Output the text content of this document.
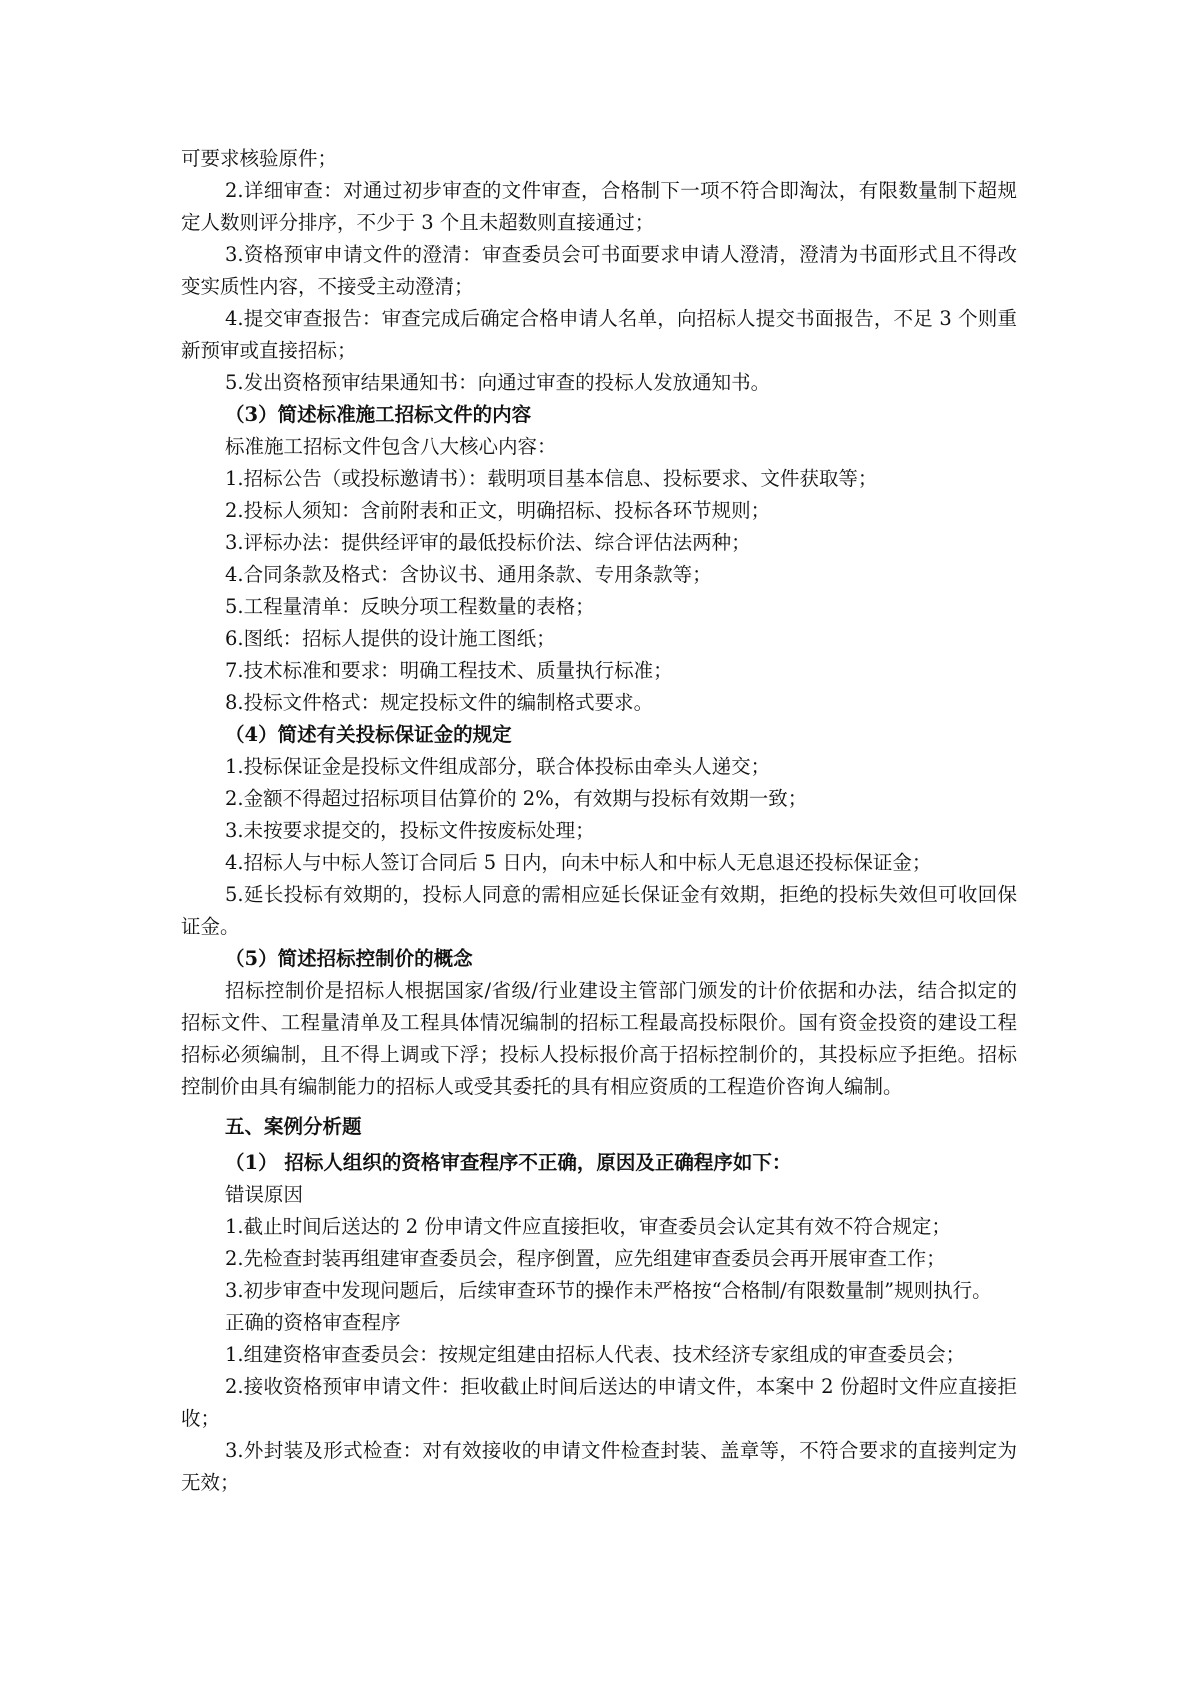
可要求核验原件；

2.详细审查：对通过初步审查的文件审查，合格制下一项不符合即淘汰，有限数量制下超规定人数则评分排序，不少于 3 个且未超数则直接通过；

3.资格预审申请文件的澄清：审查委员会可书面要求申请人澄清，澄清为书面形式且不得改变实质性内容，不接受主动澄清；

4.提交审查报告：审查完成后确定合格申请人名单，向招标人提交书面报告，不足 3 个则重新预审或直接招标；

5.发出资格预审结果通知书：向通过审查的投标人发放通知书。

（3）简述标准施工招标文件的内容

标准施工招标文件包含八大核心内容：

1.招标公告（或投标邀请书）：载明项目基本信息、投标要求、文件获取等；

2.投标人须知：含前附表和正文，明确招标、投标各环节规则；

3.评标办法：提供经评审的最低投标价法、综合评估法两种；

4.合同条款及格式：含协议书、通用条款、专用条款等；

5.工程量清单：反映分项工程数量的表格；

6.图纸：招标人提供的设计施工图纸；

7.技术标准和要求：明确工程技术、质量执行标准；

8.投标文件格式：规定投标文件的编制格式要求。

（4）简述有关投标保证金的规定

1.投标保证金是投标文件组成部分，联合体投标由牵头人递交；

2.金额不得超过招标项目估算价的 2%，有效期与投标有效期一致；

3.未按要求提交的，投标文件按废标处理；

4.招标人与中标人签订合同后 5 日内，向未中标人和中标人无息退还投标保证金；

5.延长投标有效期的，投标人同意的需相应延长保证金有效期，拒绝的投标失效但可收回保证金。

（5）简述招标控制价的概念

招标控制价是招标人根据国家/省级/行业建设主管部门颁发的计价依据和办法，结合拟定的招标文件、工程量清单及工程具体情况编制的招标工程最高投标限价。国有资金投资的建设工程招标必须编制，且不得上调或下浮；投标人投标报价高于招标控制价的，其投标应予拒绝。招标控制价由具有编制能力的招标人或受其委托的具有相应资质的工程造价咨询人编制。

五、案例分析题

（1） 招标人组织的资格审查程序不正确，原因及正确程序如下：

错误原因

1.截止时间后送达的 2 份申请文件应直接拒收，审查委员会认定其有效不符合规定；

2.先检查封装再组建审查委员会，程序倒置，应先组建审查委员会再开展审查工作；

3.初步审查中发现问题后，后续审查环节的操作未严格按“合格制/有限数量制”规则执行。

正确的资格审查程序

1.组建资格审查委员会：按规定组建由招标人代表、技术经济专家组成的审查委员会；

2.接收资格预审申请文件：拒收截止时间后送达的申请文件，本案中 2 份超时文件应直接拒收；

3.外封装及形式检查：对有效接收的申请文件检查封装、盖章等，不符合要求的直接判定为无效；
